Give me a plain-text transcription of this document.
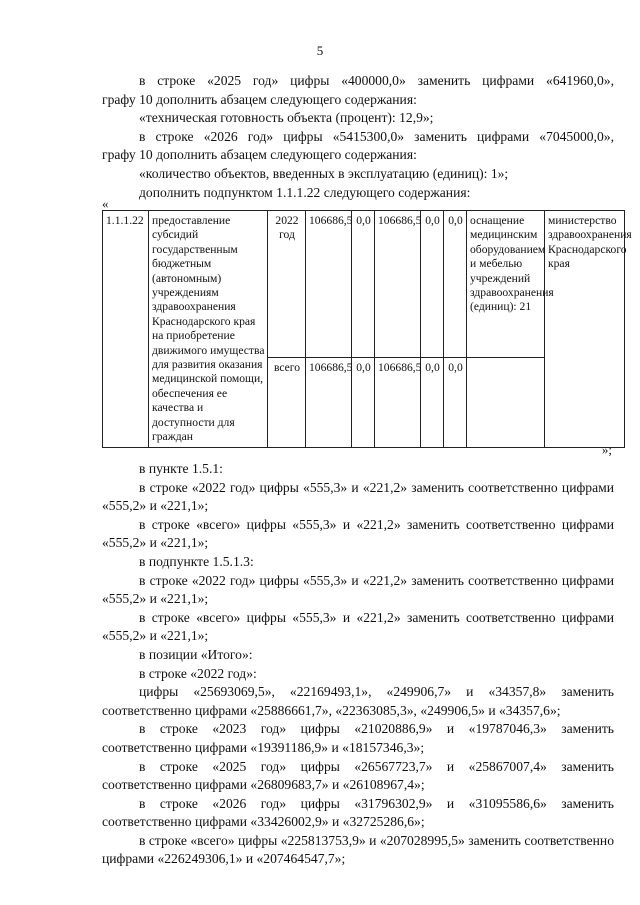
5
в строке «2025 год» цифры «400000,0» заменить цифрами «641960,0»,
графу 10 дополнить абзацем следующего содержания:
«техническая готовность объекта (процент): 12,9»;
в строке «2026 год» цифры «5415300,0» заменить цифрами «7045000,0»,
графу 10 дополнить абзацем следующего содержания:
«количество объектов, введенных в эксплуатацию (единиц): 1»;
дополнить подпунктом 1.1.1.22 следующего содержания:
«
1.1.1.22	предоставление субсидий государственным бюджетным (автономным) учреждениям здравоохранения Краснодарского края на приобретение движимого имущества для развития оказания медицинской помощи, обеспечения ее качества и доступности для граждан	2022 год	106686,5	0,0	106686,5	0,0	0,0	оснащение медицинским оборудованием и мебелью учреждений здравоохранения (единиц): 21	министерство здравоохранения Краснодарского края
		всего	106686,5	0,0	106686,5	0,0	0,0		
»;
в пункте 1.5.1:
в строке «2022 год» цифры «555,3» и «221,2» заменить соответственно цифрами «555,2» и «221,1»;
в строке «всего» цифры «555,3» и «221,2» заменить соответственно цифрами «555,2» и «221,1»;
в подпункте 1.5.1.3:
в строке «2022 год» цифры «555,3» и «221,2» заменить соответственно цифрами «555,2» и «221,1»;
в строке «всего» цифры «555,3» и «221,2» заменить соответственно цифрами «555,2» и «221,1»;
в позиции «Итого»:
в строке «2022 год»:
цифры «25693069,5», «22169493,1», «249906,7» и «34357,8» заменить соответственно цифрами «25886661,7», «22363085,3», «249906,5» и «34357,6»;
в строке «2023 год» цифры «21020886,9» и «19787046,3» заменить соответственно цифрами «19391186,9» и «18157346,3»;
в строке «2025 год» цифры «26567723,7» и «25867007,4» заменить соответственно цифрами «26809683,7» и «26108967,4»;
в строке «2026 год» цифры «31796302,9» и «31095586,6» заменить соответственно цифрами «33426002,9» и «32725286,6»;
в строке «всего» цифры «225813753,9» и «207028995,5» заменить соответственно цифрами «226249306,1» и «207464547,7»;
